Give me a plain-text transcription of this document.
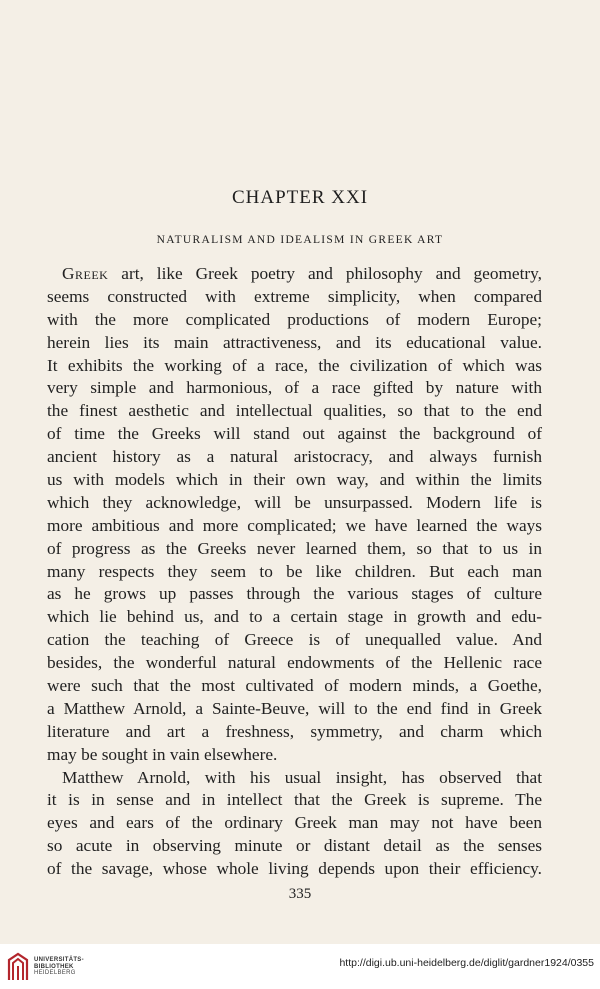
CHAPTER XXI
NATURALISM AND IDEALISM IN GREEK ART
Greek art, like Greek poetry and philosophy and geometry,
seems constructed with extreme simplicity, when compared
with the more complicated productions of modern Europe;
herein lies its main attractiveness, and its educational value.
It exhibits the working of a race, the civilization of which was
very simple and harmonious, of a race gifted by nature with
the finest aesthetic and intellectual qualities, so that to the end
of time the Greeks will stand out against the background of
ancient history as a natural aristocracy, and always furnish
us with models which in their own way, and within the limits
which they acknowledge, will be unsurpassed. Modern life is
more ambitious and more complicated; we have learned the ways
of progress as the Greeks never learned them, so that to us in
many respects they seem to be like children. But each man
as he grows up passes through the various stages of culture
which lie behind us, and to a certain stage in growth and edu-
cation the teaching of Greece is of unequalled value. And
besides, the wonderful natural endowments of the Hellenic race
were such that the most cultivated of modern minds, a Goethe,
a Matthew Arnold, a Sainte-Beuve, will to the end find in Greek
literature and art a freshness, symmetry, and charm which
may be sought in vain elsewhere.
Matthew Arnold, with his usual insight, has observed that
it is in sense and in intellect that the Greek is supreme. The
eyes and ears of the ordinary Greek man may not have been
so acute in observing minute or distant detail as the senses
of the savage, whose whole living depends upon their efficiency.
335
UNIVERSITÄTS-
BIBLIOTHEK
HEIDELBERG
http://digi.ub.uni-heidelberg.de/diglit/gardner1924/0355
